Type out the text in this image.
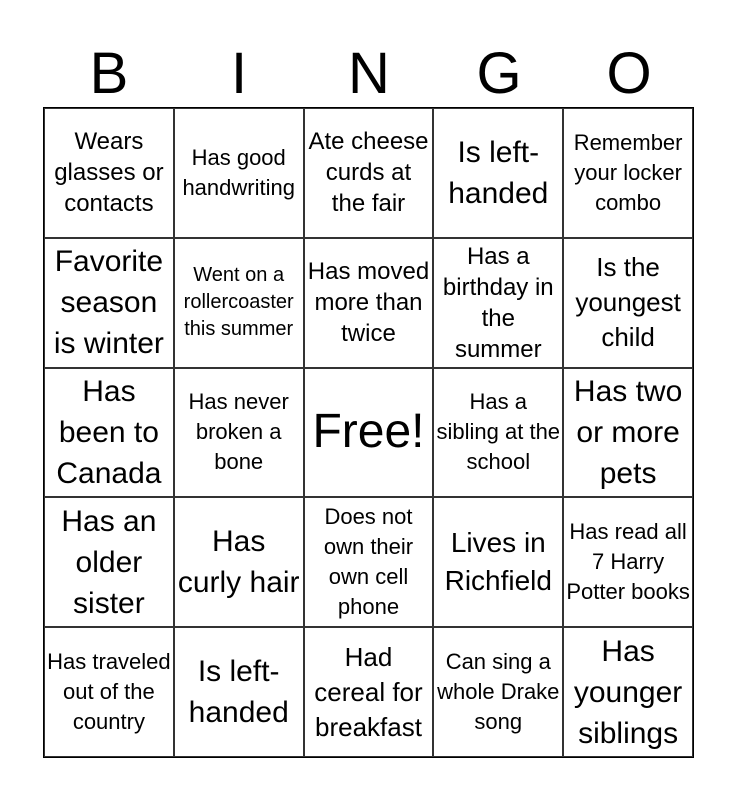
B	I	N	G	O
Wears glasses or contacts
Has good handwriting
Ate cheese curds at the fair
Is left-handed
Remember your locker combo
Favorite season is winter
Went on a rollercoaster this summer
Has moved more than twice
Has a birthday in the summer
Is the youngest child
Has been to Canada
Has never broken a bone
Free!
Has a sibling at the school
Has two or more pets
Has an older sister
Has curly hair
Does not own their own cell phone
Lives in Richfield
Has read all 7 Harry Potter books
Has traveled out of the country
Is left-handed
Had cereal for breakfast
Can sing a whole Drake song
Has younger siblings
